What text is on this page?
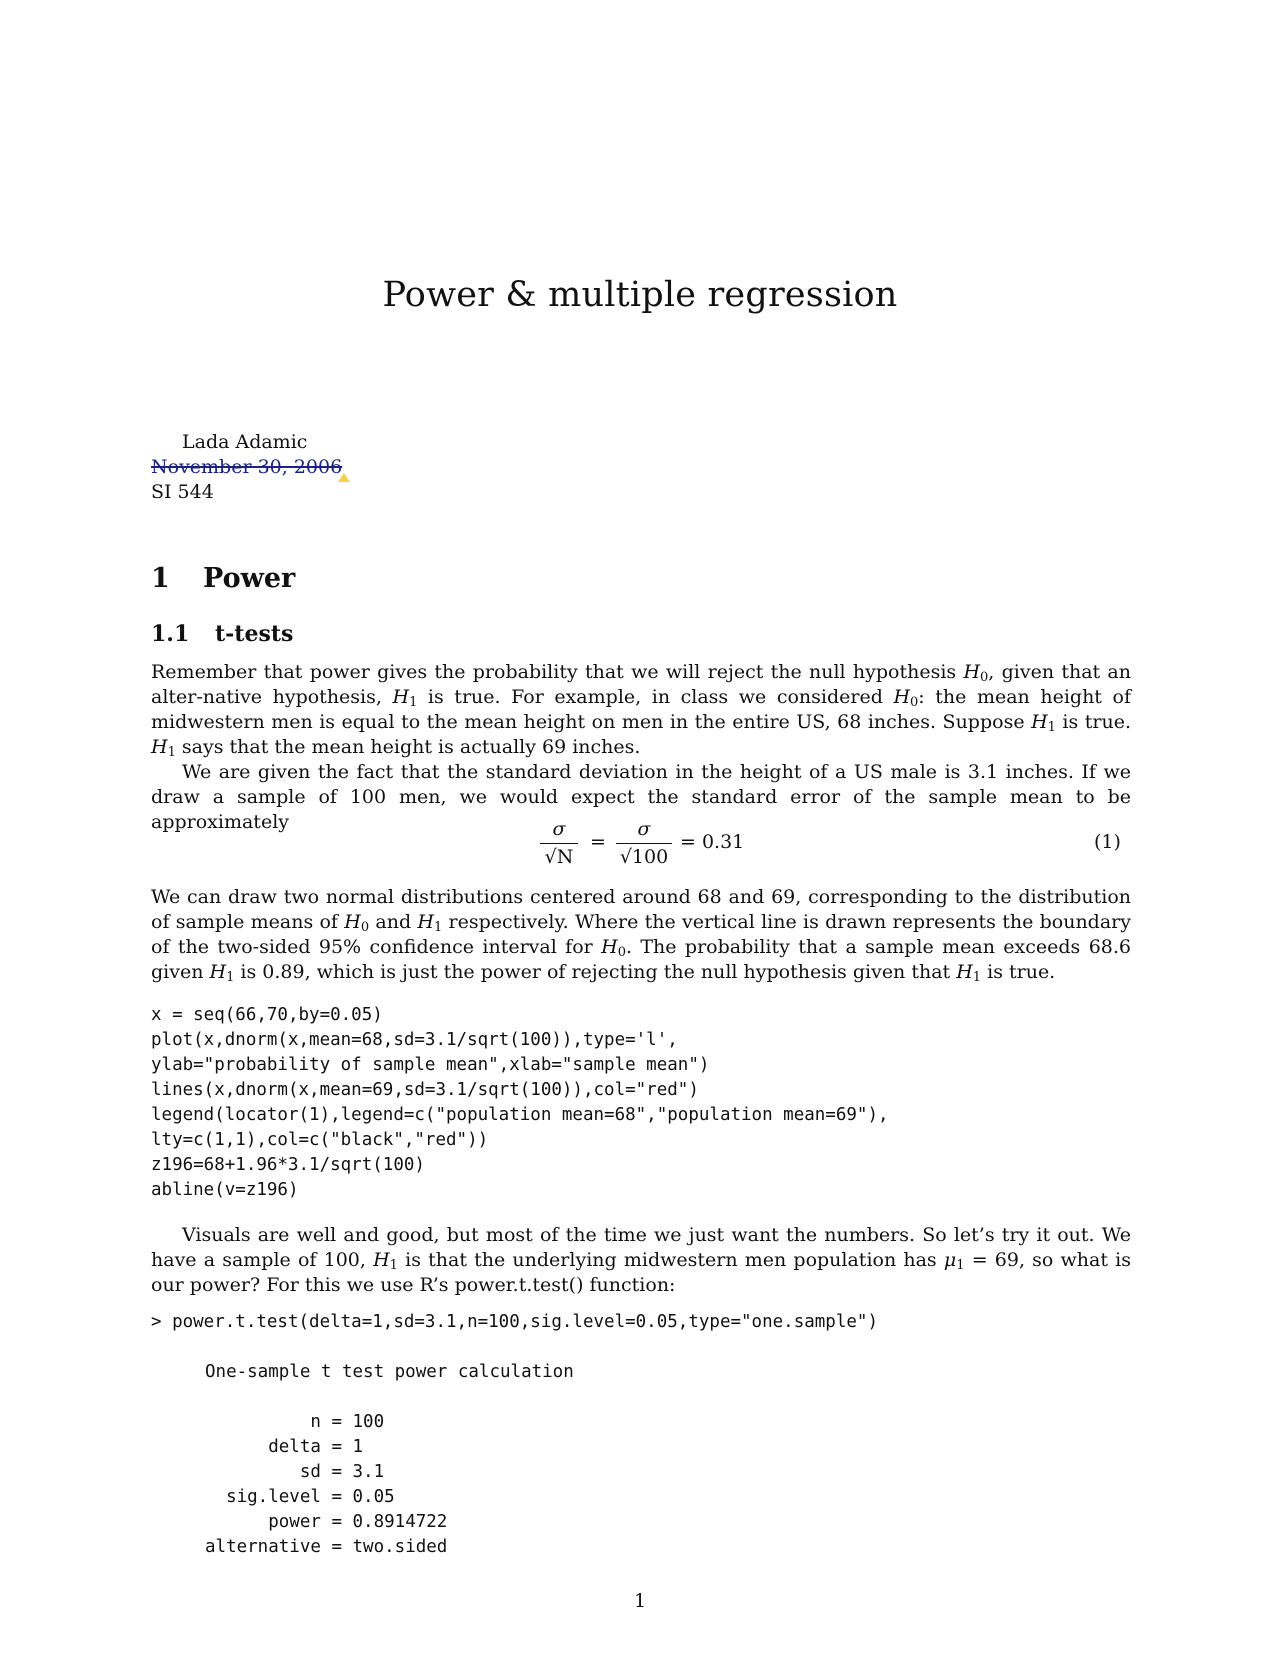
Power & multiple regression
Lada Adamic
November 30, 2006
SI 544
1 Power
1.1 t-tests
Remember that power gives the probability that we will reject the null hypothesis $H_0$, given that an alter-native hypothesis, $H_1$ is true. For example, in class we considered $H_0$: the mean height of midwestern men is equal to the mean height on men in the entire US, 68 inches. Suppose $H_1$ is true. $H_1$ says that the mean height is actually 69 inches.
We are given the fact that the standard deviation in the height of a US male is 3.1 inches. If we draw a sample of 100 men, we would expect the standard error of the sample mean to be approximately	σ
√N
=
σ
√100
= 0.31	(1)
We can draw two normal distributions centered around 68 and 69, corresponding to the distribution of sample means of $H_0$ and $H_1$ respectively. Where the vertical line is drawn represents the boundary of the two-sided 95% confidence interval for $H_0$. The probability that a sample mean exceeds 68.6 given $H_1$ is 0.89, which is just the power of rejecting the null hypothesis given that $H_1$ is true.
x = seq(66,70,by=0.05)
plot(x,dnorm(x,mean=68,sd=3.1/sqrt(100)),type='l',
ylab="probability of sample mean",xlab="sample mean")
lines(x,dnorm(x,mean=69,sd=3.1/sqrt(100)),col="red")
legend(locator(1),legend=c("population mean=68","population mean=69"),
lty=c(1,1),col=c("black","red"))
z196=68+1.96*3.1/sqrt(100)
abline(v=z196)
Visuals are well and good, but most of the time we just want the numbers. So let’s try it out. We have a sample of 100, $H_1$ is that the underlying midwestern men population has $\mu_1 = 69$, so what is our power? For this we use R’s power.t.test() function:
> power.t.test(delta=1,sd=3.1,n=100,sig.level=0.05,type="one.sample")
One-sample t test power calculation

n = 100
delta = 1
sd = 3.1
sig.level = 0.05
power = 0.8914722
alternative = two.sided
1
